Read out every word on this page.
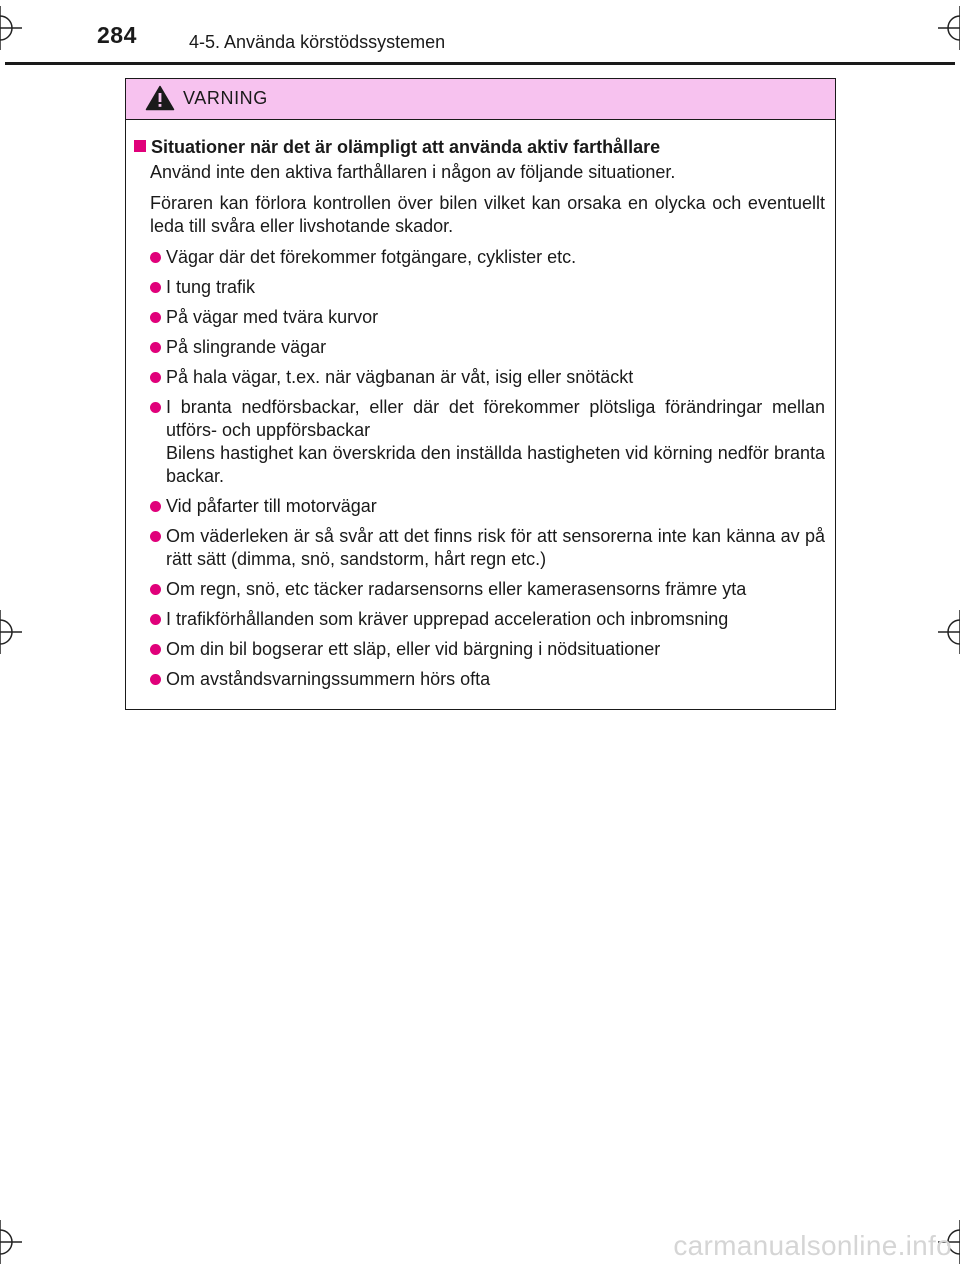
284	4-5. Använda körstödssystemen
VARNING
Situationer när det är olämpligt att använda aktiv farthållare
Använd inte den aktiva farthållaren i någon av följande situationer.
Föraren kan förlora kontrollen över bilen vilket kan orsaka en olycka och eventuellt leda till svåra eller livshotande skador.
Vägar där det förekommer fotgängare, cyklister etc.
I tung trafik
På vägar med tvära kurvor
På slingrande vägar
På hala vägar, t.ex. när vägbanan är våt, isig eller snötäckt
I branta nedförsbackar, eller där det förekommer plötsliga förändringar mellan utförs- och uppförsbackar
Bilens hastighet kan överskrida den inställda hastigheten vid körning nedför branta backar.
Vid påfarter till motorvägar
Om väderleken är så svår att det finns risk för att sensorerna inte kan känna av på rätt sätt (dimma, snö, sandstorm, hårt regn etc.)
Om regn, snö, etc täcker radarsensorns eller kamerasensorns främre yta
I trafikförhållanden som kräver upprepad acceleration och inbromsning
Om din bil bogserar ett släp, eller vid bärgning i nödsituationer
Om avståndsvarningssummern hörs ofta
carmanualsonline.info
